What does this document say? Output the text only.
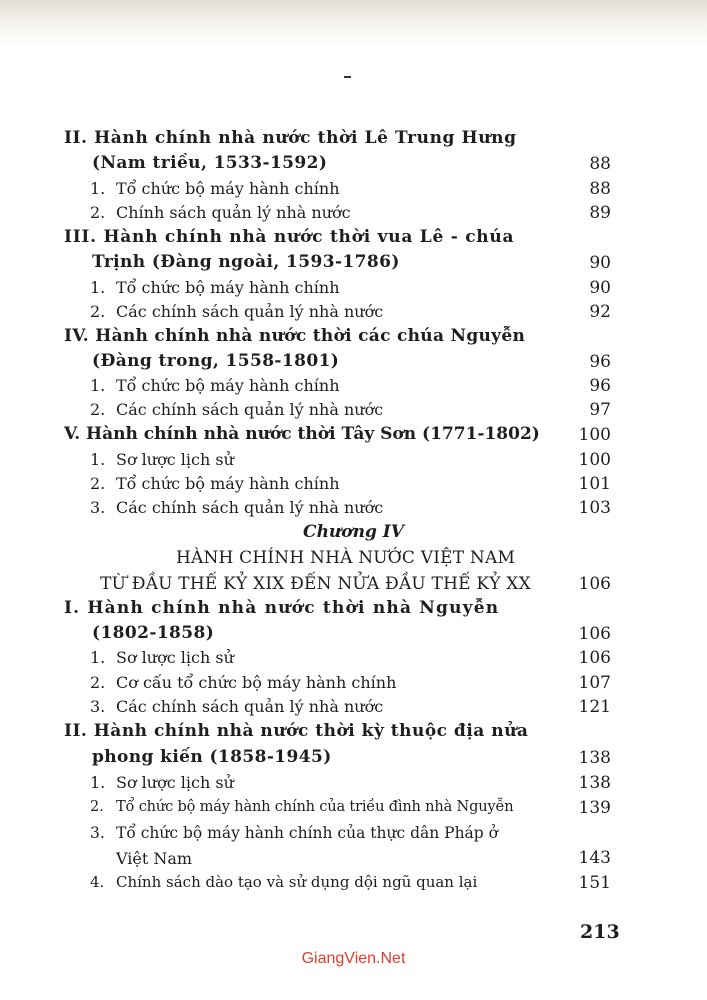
II. Hành chính nhà nước thời Lê Trung Hưng
(Nam triều, 1533-1592)	88
1. Tổ chức bộ máy hành chính	88
2. Chính sách quản lý nhà nước	89
III. Hành chính nhà nước thời vua Lê - chúa
Trịnh (Đàng ngoài, 1593-1786)	90
1. Tổ chức bộ máy hành chính	90
2. Các chính sách quản lý nhà nước	92
IV. Hành chính nhà nước thời các chúa Nguyễn
(Đàng trong, 1558-1801)	96
1. Tổ chức bộ máy hành chính	96
2. Các chính sách quản lý nhà nước	97
V. Hành chính nhà nước thời Tây Sơn (1771-1802) 100
1. Sơ lược lịch sử	100
2. Tổ chức bộ máy hành chính	101
3. Các chính sách quản lý nhà nước	103
Chương IV
HÀNH CHÍNH NHÀ NƯỚC VIỆT NAM
TỪ ĐẦU THẾ KỶ XIX ĐẾN NỬA ĐẦU THẾ KỶ XX	106
I. Hành chính nhà nước thời nhà Nguyễn
(1802-1858)	106
1. Sơ lược lịch sử	106
2. Cơ cấu tổ chức bộ máy hành chính	107
3. Các chính sách quản lý nhà nước	121
II. Hành chính nhà nước thời kỳ thuộc địa nửa
phong kiến (1858-1945)	138
1. Sơ lược lịch sử	138
2. Tổ chức bộ máy hành chính của triều đình nhà Nguyễn	139
3. Tổ chức bộ máy hành chính của thực dân Pháp ở
Việt Nam	143
4. Chính sách dào tạo và sử dụng dội ngũ quan lại	151
213
GiangVien.Net
